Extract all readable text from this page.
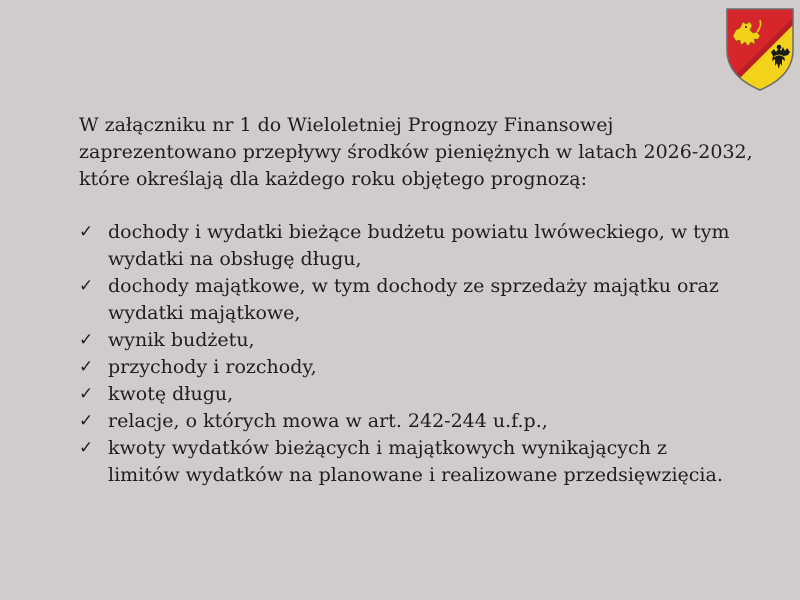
W załączniku nr 1 do Wieloletniej Prognozy Finansowej zaprezentowano przepływy środków pieniężnych w latach 2026-2032, które określają dla każdego roku objętego prognozą:

✓ dochody i wydatki bieżące budżetu powiatu lwóweckiego, w tym wydatki na obsługę długu,
✓ dochody majątkowe, w tym dochody ze sprzedaży majątku oraz wydatki majątkowe,
✓ wynik budżetu,
✓ przychody i rozchody,
✓ kwotę długu,
✓ relacje, o których mowa w art. 242-244 u.f.p.,
✓ kwoty wydatków bieżących i majątkowych wynikających z limitów wydatków na planowane i realizowane przedsięwzięcia.
